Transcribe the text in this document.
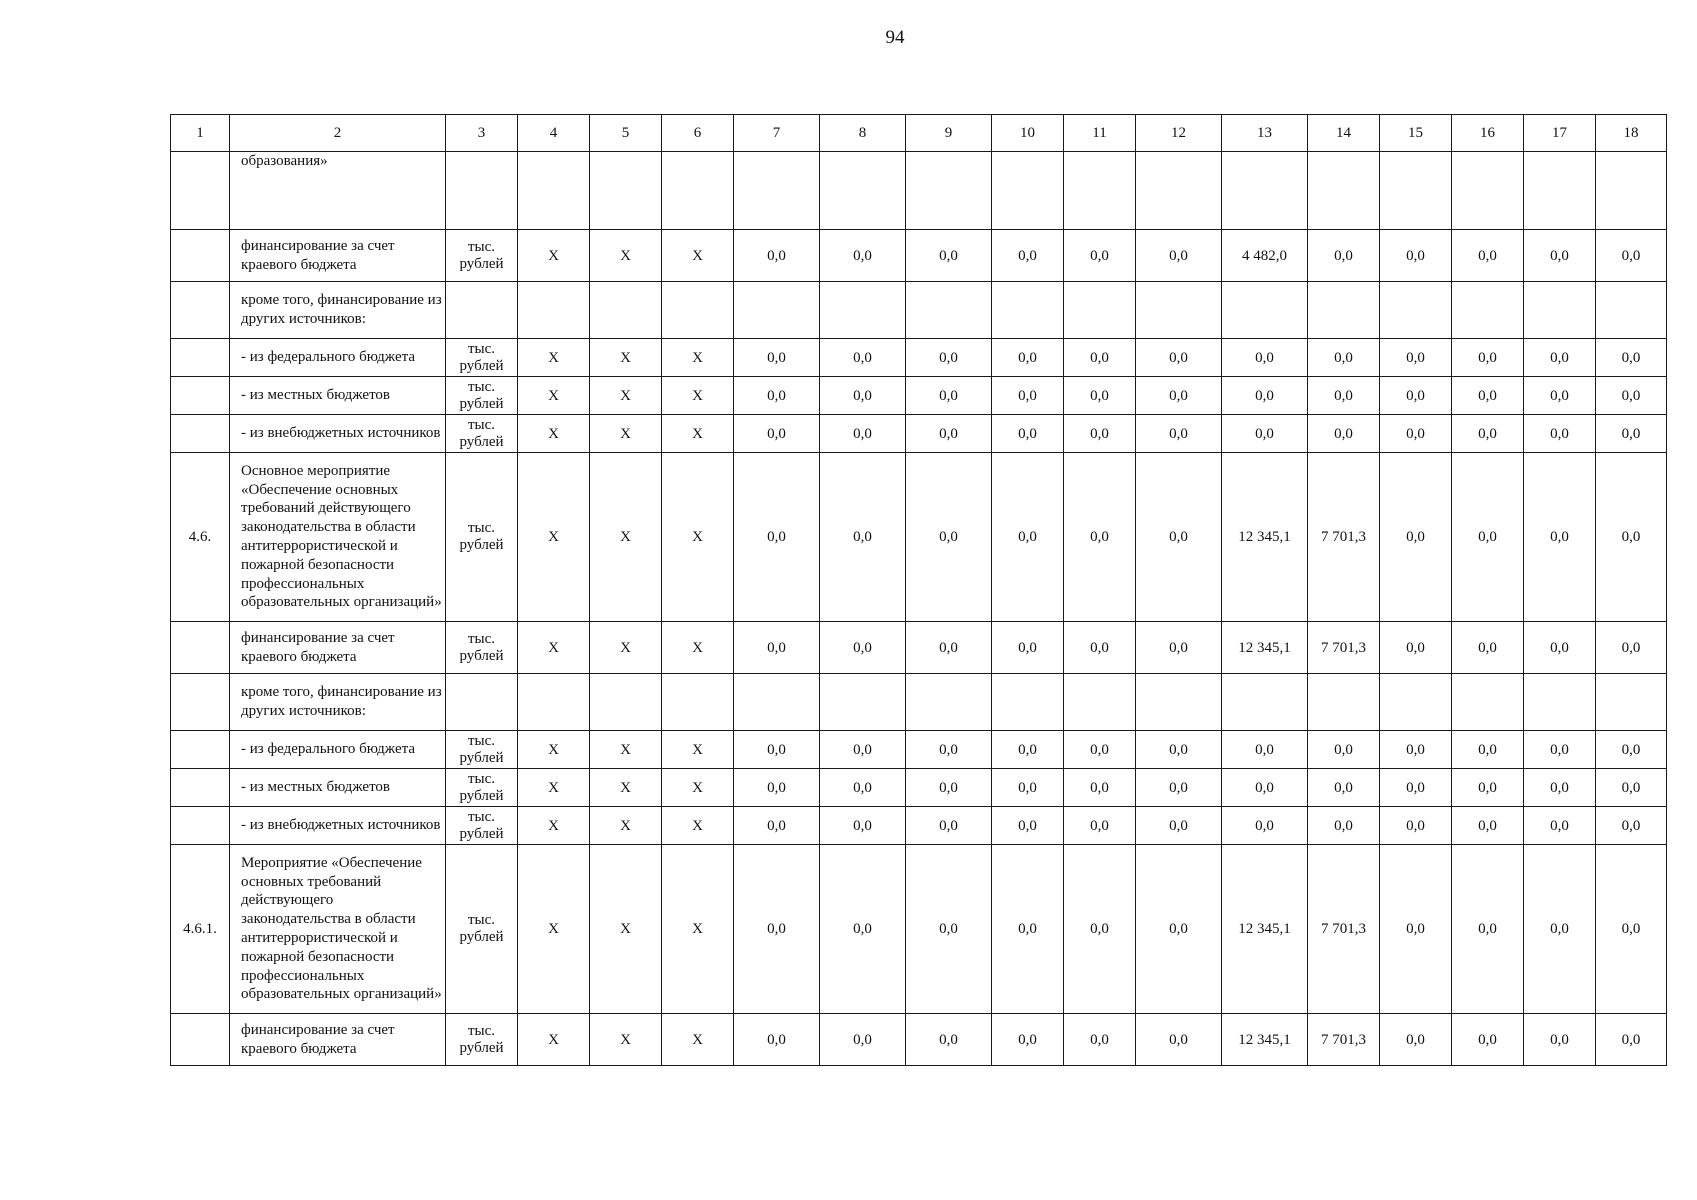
94
1	2	3	4	5	6	7	8	9	10	11	12	13	14	15	16	17	18
	образования»																
	финансирование за счет краевого бюджета	тыс. рублей	X	X	X	0,0	0,0	0,0	0,0	0,0	0,0	4 482,0	0,0	0,0	0,0	0,0	0,0
	кроме того, финансирование из других источников:																
	- из федерального бюджета	тыс. рублей	X	X	X	0,0	0,0	0,0	0,0	0,0	0,0	0,0	0,0	0,0	0,0	0,0	0,0
	- из местных бюджетов	тыс. рублей	X	X	X	0,0	0,0	0,0	0,0	0,0	0,0	0,0	0,0	0,0	0,0	0,0	0,0
	- из внебюджетных источников	тыс. рублей	X	X	X	0,0	0,0	0,0	0,0	0,0	0,0	0,0	0,0	0,0	0,0	0,0	0,0
4.6.	Основное мероприятие «Обеспечение основных требований действующего законодательства в области антитеррористической и пожарной безопасности профессиональных образовательных организаций»	тыс. рублей	X	X	X	0,0	0,0	0,0	0,0	0,0	0,0	12 345,1	7 701,3	0,0	0,0	0,0	0,0
	финансирование за счет краевого бюджета	тыс. рублей	X	X	X	0,0	0,0	0,0	0,0	0,0	0,0	12 345,1	7 701,3	0,0	0,0	0,0	0,0
	кроме того, финансирование из других источников:																
	- из федерального бюджета	тыс. рублей	X	X	X	0,0	0,0	0,0	0,0	0,0	0,0	0,0	0,0	0,0	0,0	0,0	0,0
	- из местных бюджетов	тыс. рублей	X	X	X	0,0	0,0	0,0	0,0	0,0	0,0	0,0	0,0	0,0	0,0	0,0	0,0
	- из внебюджетных источников	тыс. рублей	X	X	X	0,0	0,0	0,0	0,0	0,0	0,0	0,0	0,0	0,0	0,0	0,0	0,0
4.6.1.	Мероприятие «Обеспечение основных требований действующего законодательства в области антитеррористической и пожарной безопасности профессиональных образовательных организаций»	тыс. рублей	X	X	X	0,0	0,0	0,0	0,0	0,0	0,0	12 345,1	7 701,3	0,0	0,0	0,0	0,0
	финансирование за счет краевого бюджета	тыс. рублей	X	X	X	0,0	0,0	0,0	0,0	0,0	0,0	12 345,1	7 701,3	0,0	0,0	0,0	0,0
